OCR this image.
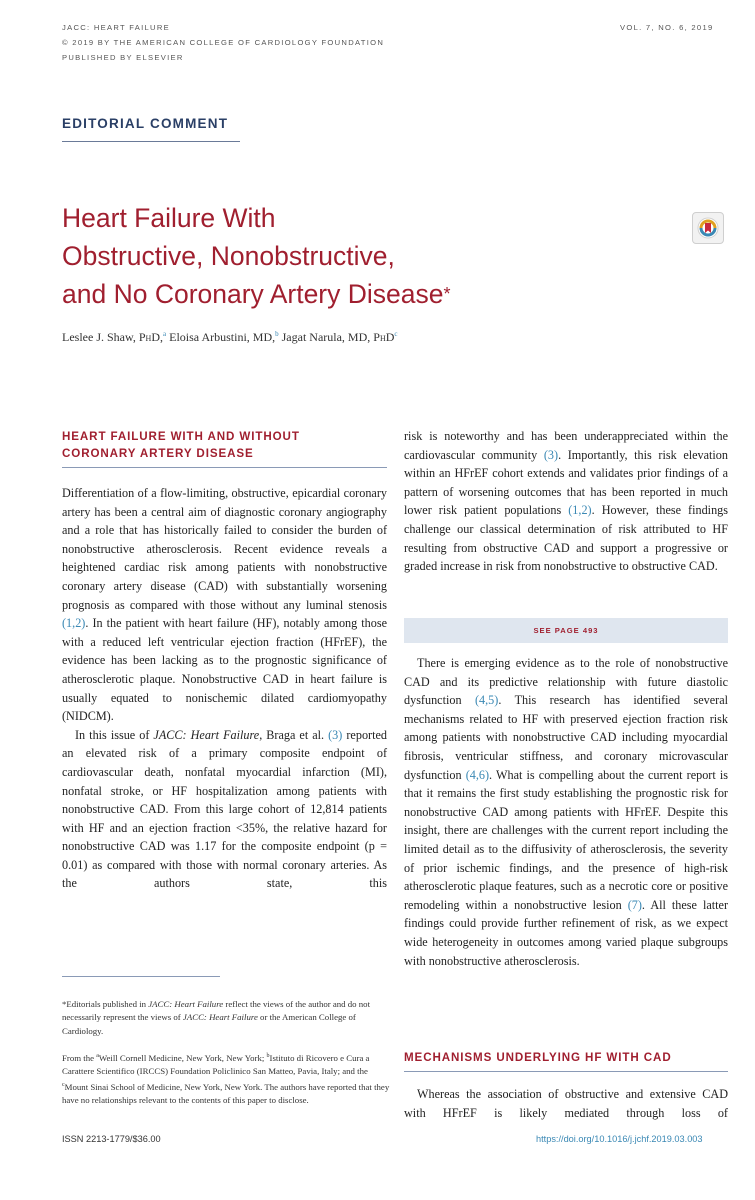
JACC: HEART FAILURE
© 2019 BY THE AMERICAN COLLEGE OF CARDIOLOGY FOUNDATION
PUBLISHED BY ELSEVIER
VOL. 7, NO. 6, 2019
EDITORIAL COMMENT
Heart Failure With
Obstructive, Nonobstructive,
and No Coronary Artery Disease*
Leslee J. Shaw, PhD,$^a$ Eloisa Arbustini, MD,$^b$ Jagat Narula, MD, PhD$^c$
HEART FAILURE WITH AND WITHOUT
CORONARY ARTERY DISEASE

Differentiation of a flow-limiting, obstructive, epicardial coronary artery has been a central aim of diagnostic coronary angiography and a role that has historically failed to consider the burden of nonobstructive atherosclerosis. Recent evidence reveals a heightened cardiac risk among patients with nonobstructive coronary artery disease (CAD) with substantially worsening prognosis as compared with those without any luminal stenosis (1,2). In the patient with heart failure (HF), notably among those with a reduced left ventricular ejection fraction (HFrEF), the evidence has been lacking as to the prognostic significance of atherosclerotic plaque. Nonobstructive CAD in heart failure is usually equated to nonischemic dilated cardiomyopathy (NIDCM).

In this issue of JACC: Heart Failure, Braga et al. (3) reported an elevated risk of a primary composite endpoint of cardiovascular death, nonfatal myocardial infarction (MI), nonfatal stroke, or HF hospitalization among patients with nonobstructive CAD. From this large cohort of 12,814 patients with HF and an ejection fraction <35%, the relative hazard for nonobstructive CAD was 1.17 for the composite endpoint (p = 0.01) as compared with those with normal coronary arteries. As the authors state, this

*Editorials published in JACC: Heart Failure reflect the views of the author and do not necessarily represent the views of JACC: Heart Failure or the American College of Cardiology.
From the $^a$Weill Cornell Medicine, New York, New York; $^b$Istituto di Ricovero e Cura a Carattere Scientifico (IRCCS) Foundation Policlinico San Matteo, Pavia, Italy; and the $^c$Mount Sinai School of Medicine, New York, New York. The authors have reported that they have no relationships relevant to the contents of this paper to disclose.
ISSN 2213-1779/$36.00

risk is noteworthy and has been underappreciated within the cardiovascular community (3). Importantly, this risk elevation within an HFrEF cohort extends and validates prior findings of a pattern of worsening outcomes that has been reported in much lower risk patient populations (1,2). However, these findings challenge our classical determination of risk attributed to HF resulting from obstructive CAD and support a progressive or graded increase in risk from nonobstructive to obstructive CAD.

SEE PAGE 493

There is emerging evidence as to the role of nonobstructive CAD and its predictive relationship with future diastolic dysfunction (4,5). This research has identified several mechanisms related to HF with preserved ejection fraction risk among patients with nonobstructive CAD including myocardial fibrosis, ventricular stiffness, and coronary microvascular dysfunction (4,6). What is compelling about the current report is that it remains the first study establishing the prognostic risk for nonobstructive CAD among patients with HFrEF. Despite this insight, there are challenges with the current report including the limited detail as to the diffusivity of atherosclerosis, the severity of prior ischemic findings, and the presence of high-risk atherosclerotic plaque features, such as a necrotic core or positive remodeling within a nonobstructive lesion (7). All these latter findings could provide further refinement of risk, as we expect wide heterogeneity in outcomes among varied plaque subgroups with nonobstructive atherosclerosis.

MECHANISMS UNDERLYING HF WITH CAD

Whereas the association of obstructive and extensive CAD with HFrEF is likely mediated through loss of

https://doi.org/10.1016/j.jchf.2019.03.003
